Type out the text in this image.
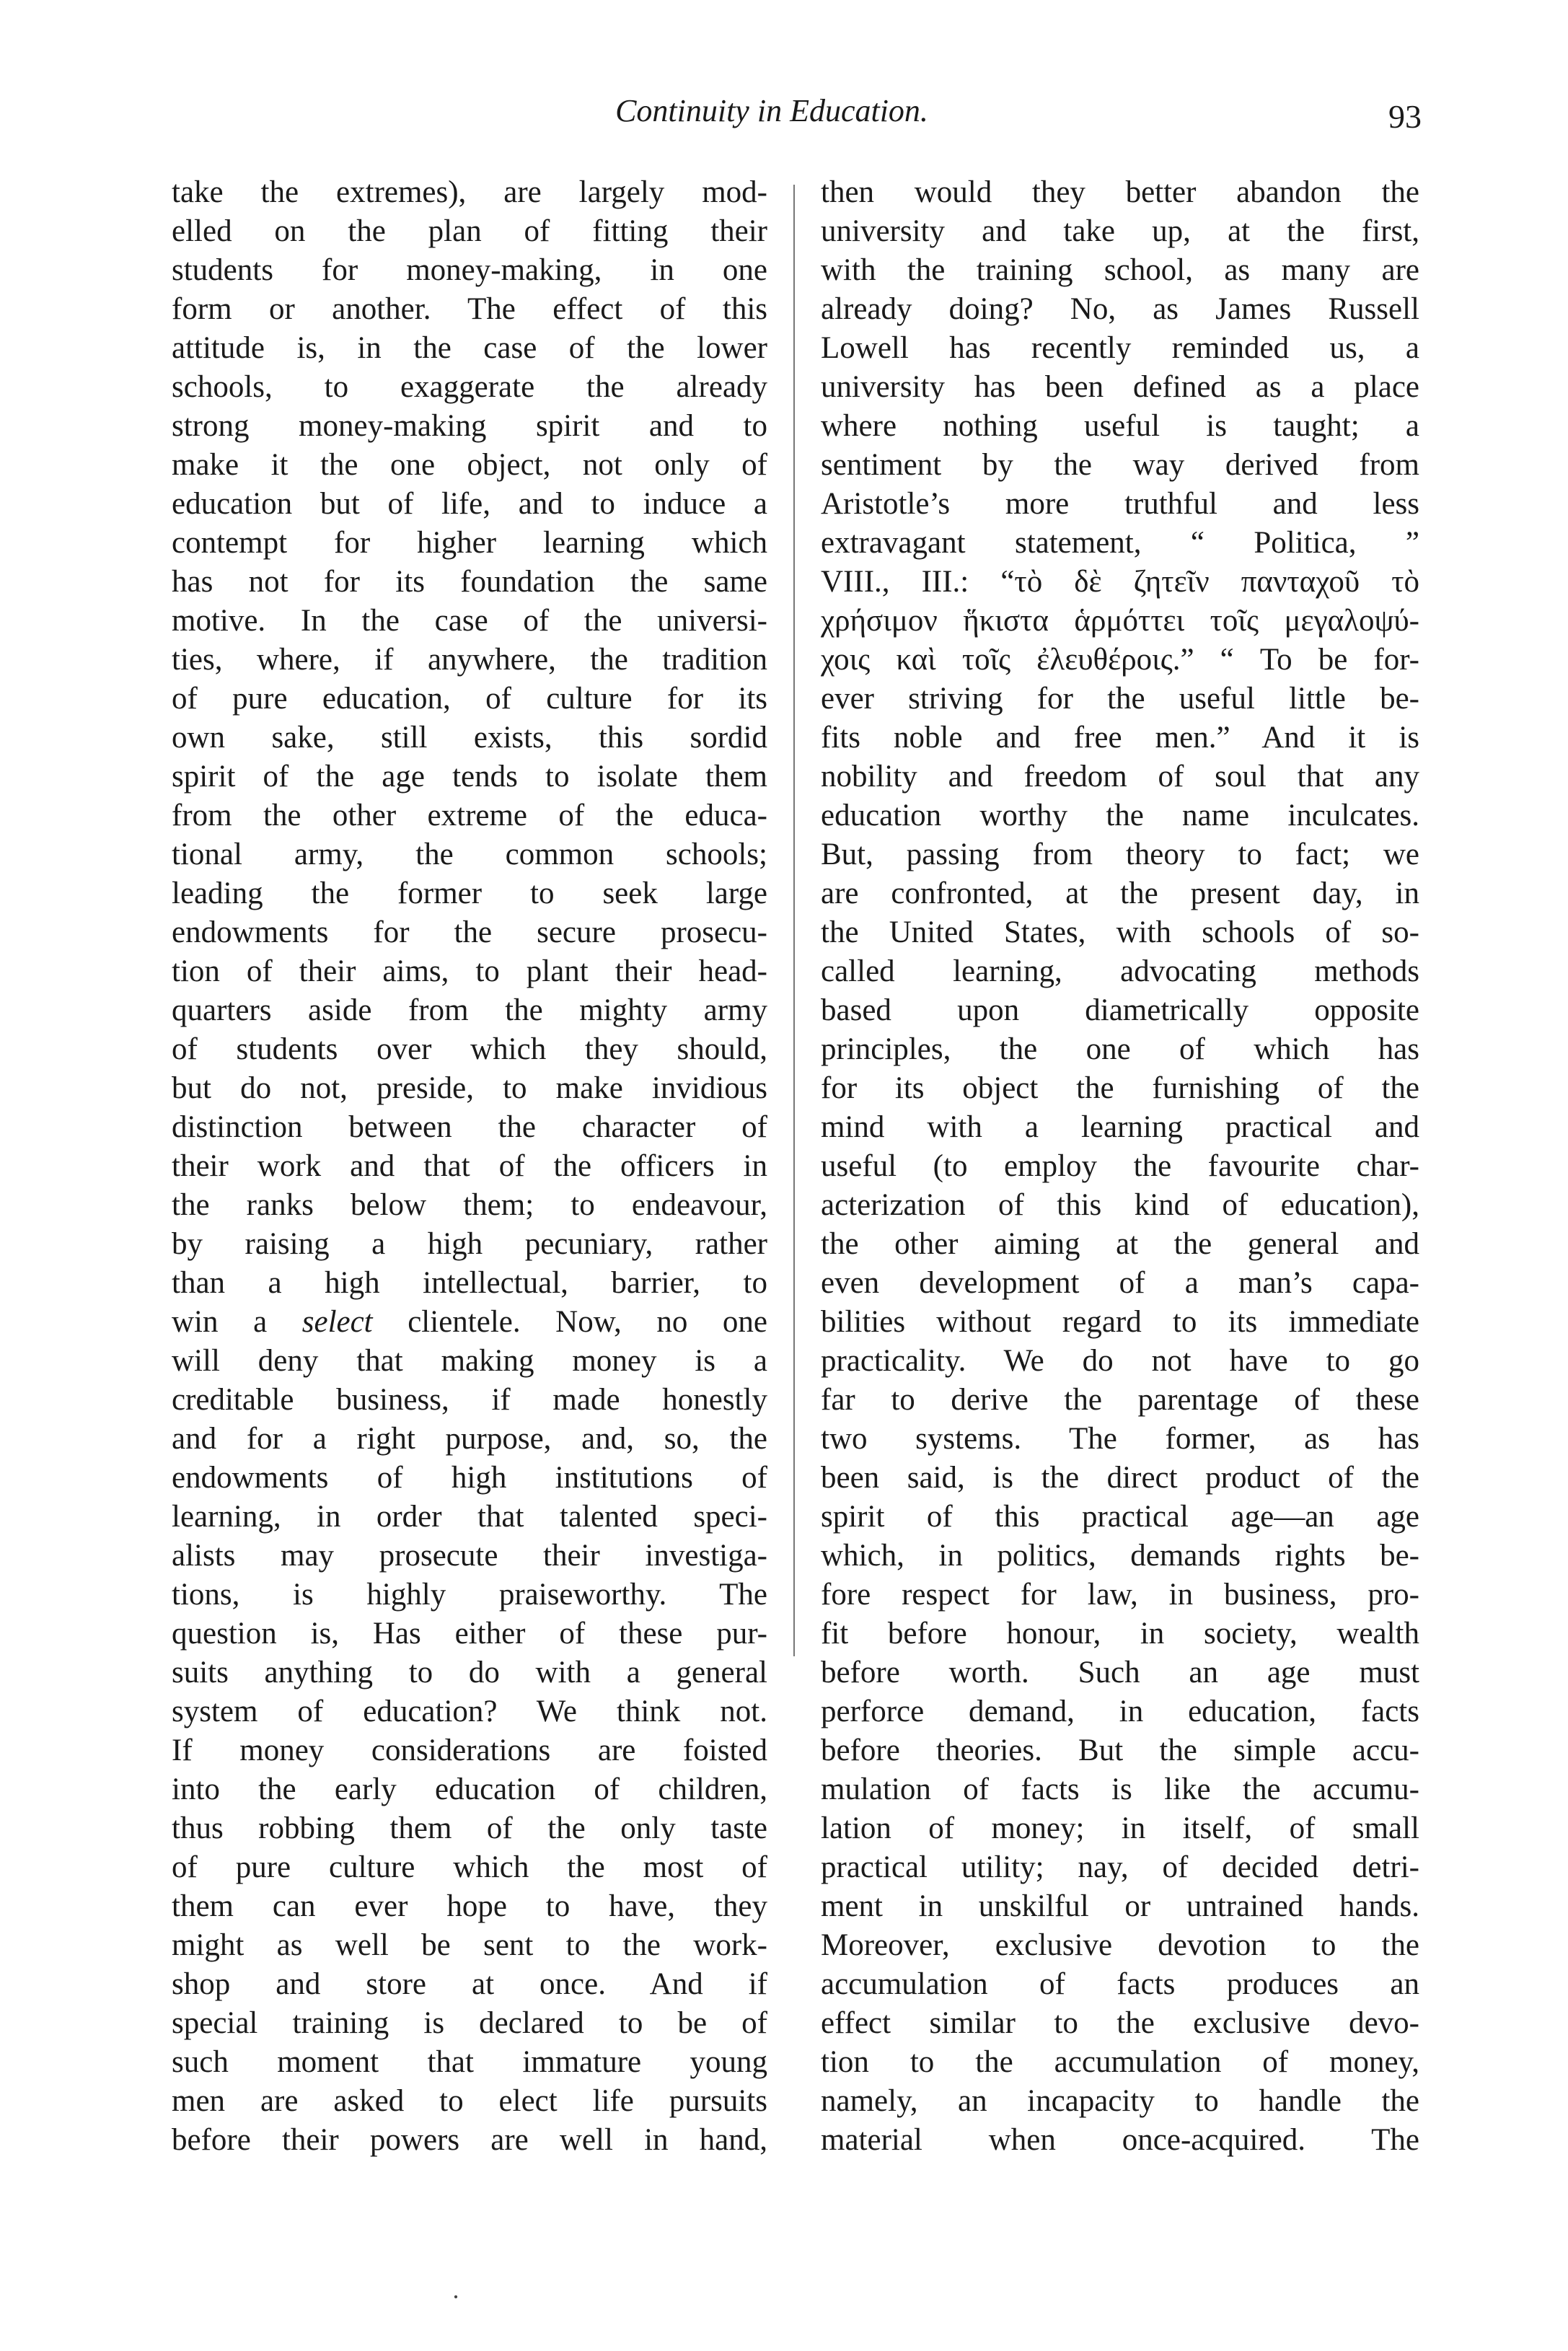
Continuity in Education.	93
take the extremes), are largely mod-
elled on the plan of fitting their
students for money-making, in one
form or another. The effect of this
attitude is, in the case of the lower
schools, to exaggerate the already
strong money-making spirit and to
make it the one object, not only of
education but of life, and to induce a
contempt for higher learning which
has not for its foundation the same
motive. In the case of the universi-
ties, where, if anywhere, the tradition
of pure education, of culture for its
own sake, still exists, this sordid
spirit of the age tends to isolate them
from the other extreme of the educa-
tional army, the common schools;
leading the former to seek large
endowments for the secure prosecu-
tion of their aims, to plant their head-
quarters aside from the mighty army
of students over which they should,
but do not, preside, to make invidious
distinction between the character of
their work and that of the officers in
the ranks below them; to endeavour,
by raising a high pecuniary, rather
than a high intellectual, barrier, to
win a select clientele. Now, no one
will deny that making money is a
creditable business, if made honestly
and for a right purpose, and, so, the
endowments of high institutions of
learning, in order that talented speci-
alists may prosecute their investiga-
tions, is highly praiseworthy. The
question is, Has either of these pur-
suits anything to do with a general
system of education? We think not.
If money considerations are foisted
into the early education of children,
thus robbing them of the only taste
of pure culture which the most of
them can ever hope to have, they
might as well be sent to the work-
shop and store at once. And if
special training is declared to be of
such moment that immature young
men are asked to elect life pursuits
before their powers are well in hand,
then would they better abandon the
university and take up, at the first,
with the training school, as many are
already doing? No, as James Russell
Lowell has recently reminded us, a
university has been defined as a place
where nothing useful is taught; a
sentiment by the way derived from
Aristotle’s more truthful and less
extravagant statement, “ Politica, ”
VIII., III.: “τὸ δὲ ζητεῖν πανταχοῦ τὸ
χρήσιμον ἥκιστα ἁρμόττει τοῖς μεγαλοψύ-
χοις καὶ τοῖς ἐλευθέροις.” “ To be for-
ever striving for the useful little be-
fits noble and free men.” And it is
nobility and freedom of soul that any
education worthy the name inculcates.
But, passing from theory to fact; we
are confronted, at the present day, in
the United States, with schools of so-
called learning, advocating methods
based upon diametrically opposite
principles, the one of which has
for its object the furnishing of the
mind with a learning practical and
useful (to employ the favourite char-
acterization of this kind of education),
the other aiming at the general and
even development of a man’s capa-
bilities without regard to its immediate
practicality. We do not have to go
far to derive the parentage of these
two systems. The former, as has
been said, is the direct product of the
spirit of this practical age—an age
which, in politics, demands rights be-
fore respect for law, in business, pro-
fit before honour, in society, wealth
before worth. Such an age must
perforce demand, in education, facts
before theories. But the simple accu-
mulation of facts is like the accumu-
lation of money; in itself, of small
practical utility; nay, of decided detri-
ment in unskilful or untrained hands.
Moreover, exclusive devotion to the
accumulation of facts produces an
effect similar to the exclusive devo-
tion to the accumulation of money,
namely, an incapacity to handle the
material when once-acquired. The
·
